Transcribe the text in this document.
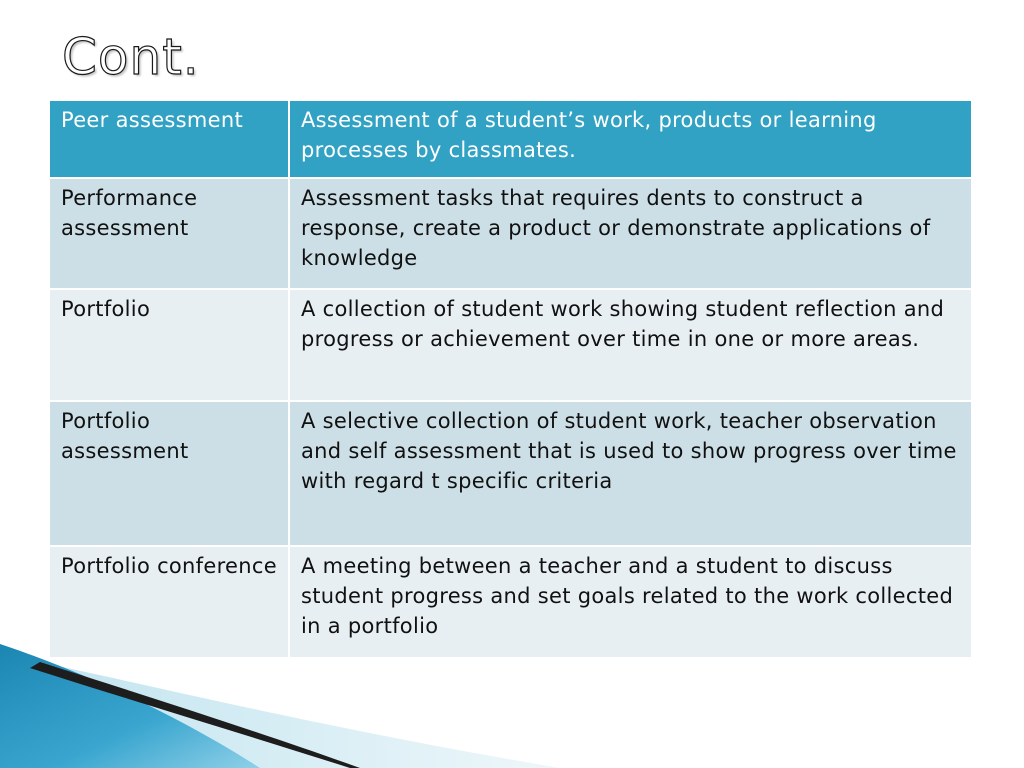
Cont.
Peer assessment	Assessment of a student’s work, products or learning processes by classmates.
Performance assessment	Assessment tasks that requires dents to construct a response, create a product or demonstrate applications of knowledge
Portfolio	A collection of student work showing student reflection and progress or achievement over time in one or more areas.
Portfolio assessment	A selective collection of student work, teacher observation and self assessment that is used to show progress over time with regard t specific criteria
Portfolio conference	A meeting between a teacher and a student to discuss student progress and set goals related to the work collected in a portfolio
